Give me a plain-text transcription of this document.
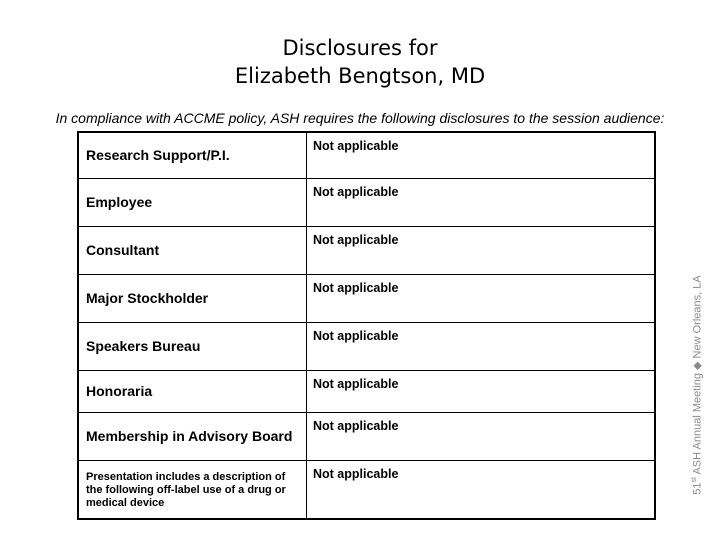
Disclosures for
Elizabeth Bengtson, MD
In compliance with ACCME policy, ASH requires the following disclosures to the session audience:
Research Support/P.I.	Not applicable
Employee	Not applicable
Consultant	Not applicable
Major Stockholder	Not applicable
Speakers Bureau	Not applicable
Honoraria	Not applicable
Membership in Advisory Board	Not applicable
Presentation includes a description of the following off-label use of a drug or medical device	Not applicable
51st ASH Annual Meeting ◆ New Orleans, LA
